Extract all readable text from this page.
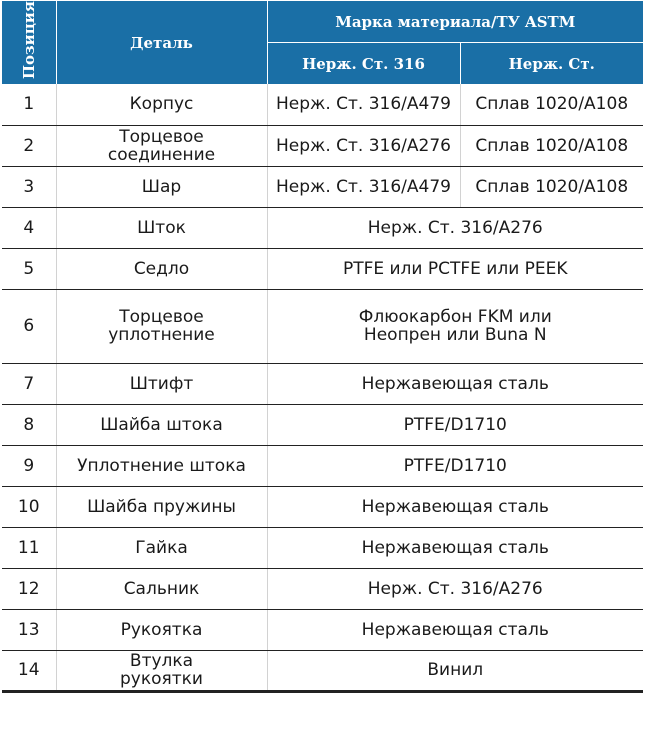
Позиция	Деталь	Марка материала/ТУ ASTM	
		Нерж. Ст. 316	Нерж. Ст.
1	Корпус	Нерж. Ст. 316/A479	Сплав 1020/A108
2	Торцевое
соединение	Нерж. Ст. 316/A276	Сплав 1020/A108
3	Шар	Нерж. Ст. 316/A479	Сплав 1020/A108
4	Шток	Нерж. Ст. 316/A276	
5	Седло	PTFE или PCTFE или PEEK	
6	Торцевое
уплотнение	Флюокарбон FKM или
Неопрен или Buna N	
7	Штифт	Нержавеющая сталь	
8	Шайба штока	PTFE/D1710	
9	Уплотнение штока	PTFE/D1710	
10	Шайба пружины	Нержавеющая сталь	
11	Гайка	Нержавеющая сталь	
12	Сальник	Нерж. Ст. 316/A276	
13	Рукоятка	Нержавеющая сталь	
14	Втулка
рукоятки	Винил	
